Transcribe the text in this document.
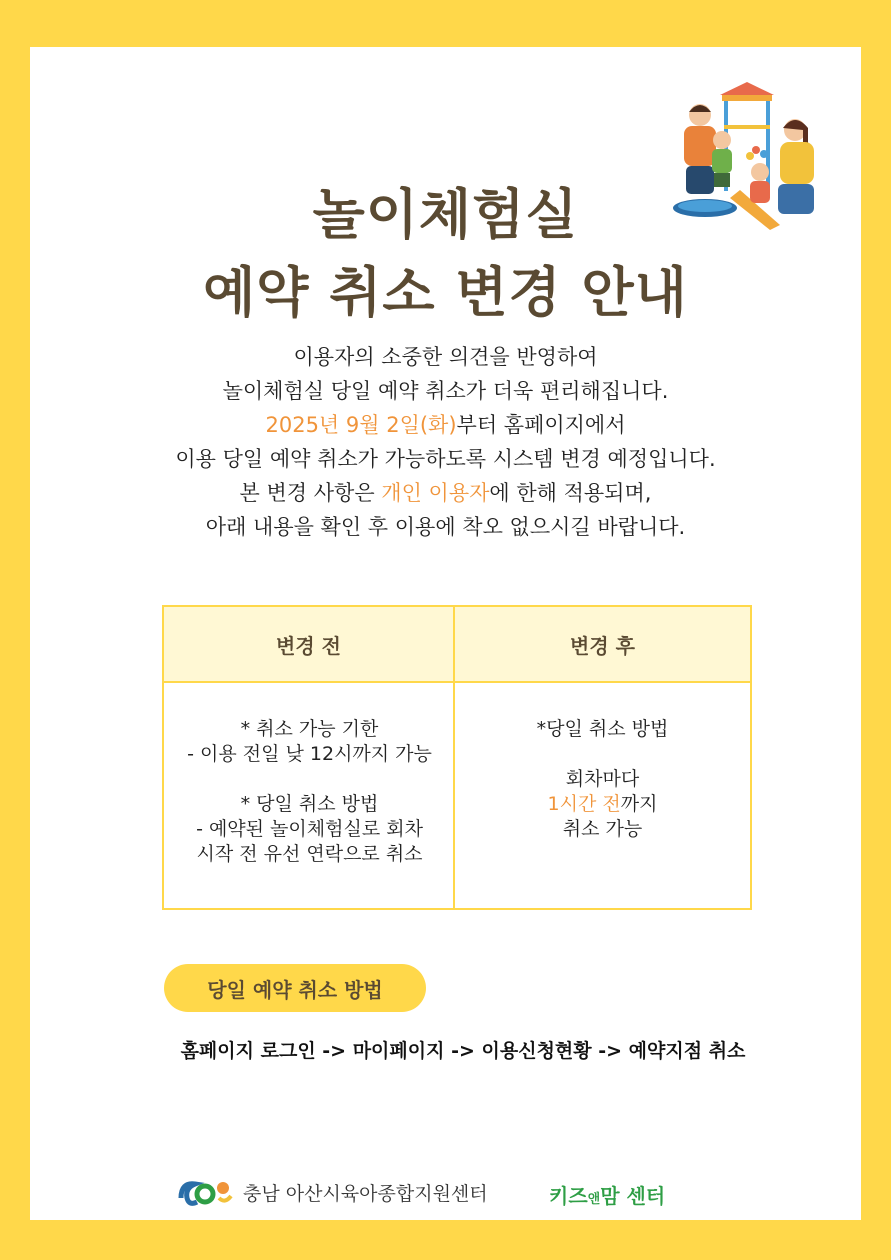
놀이체험실
예약 취소 변경 안내
이용자의 소중한 의견을 반영하여
놀이체험실 당일 예약 취소가 더욱 편리해집니다.
2025년 9월 2일(화)부터 홈페이지에서
이용 당일 예약 취소가 가능하도록 시스템 변경 예정입니다.
본 변경 사항은 개인 이용자에 한해 적용되며,
아래 내용을 확인 후 이용에 착오 없으시길 바랍니다.
변경 전	변경 후
* 취소 가능 기한
- 이용 전일 낮 12시까지 가능
* 당일 취소 방법
- 예약된 놀이체험실로 회차
시작 전 유선 연락으로 취소
*당일 취소 방법
회차마다
1시간 전까지
취소 가능
당일 예약 취소 방법
홈페이지 로그인 -> 마이페이지 -> 이용신청현황 -> 예약지점 취소
충남 아산시육아종합지원센터	키즈앤맘 센터
